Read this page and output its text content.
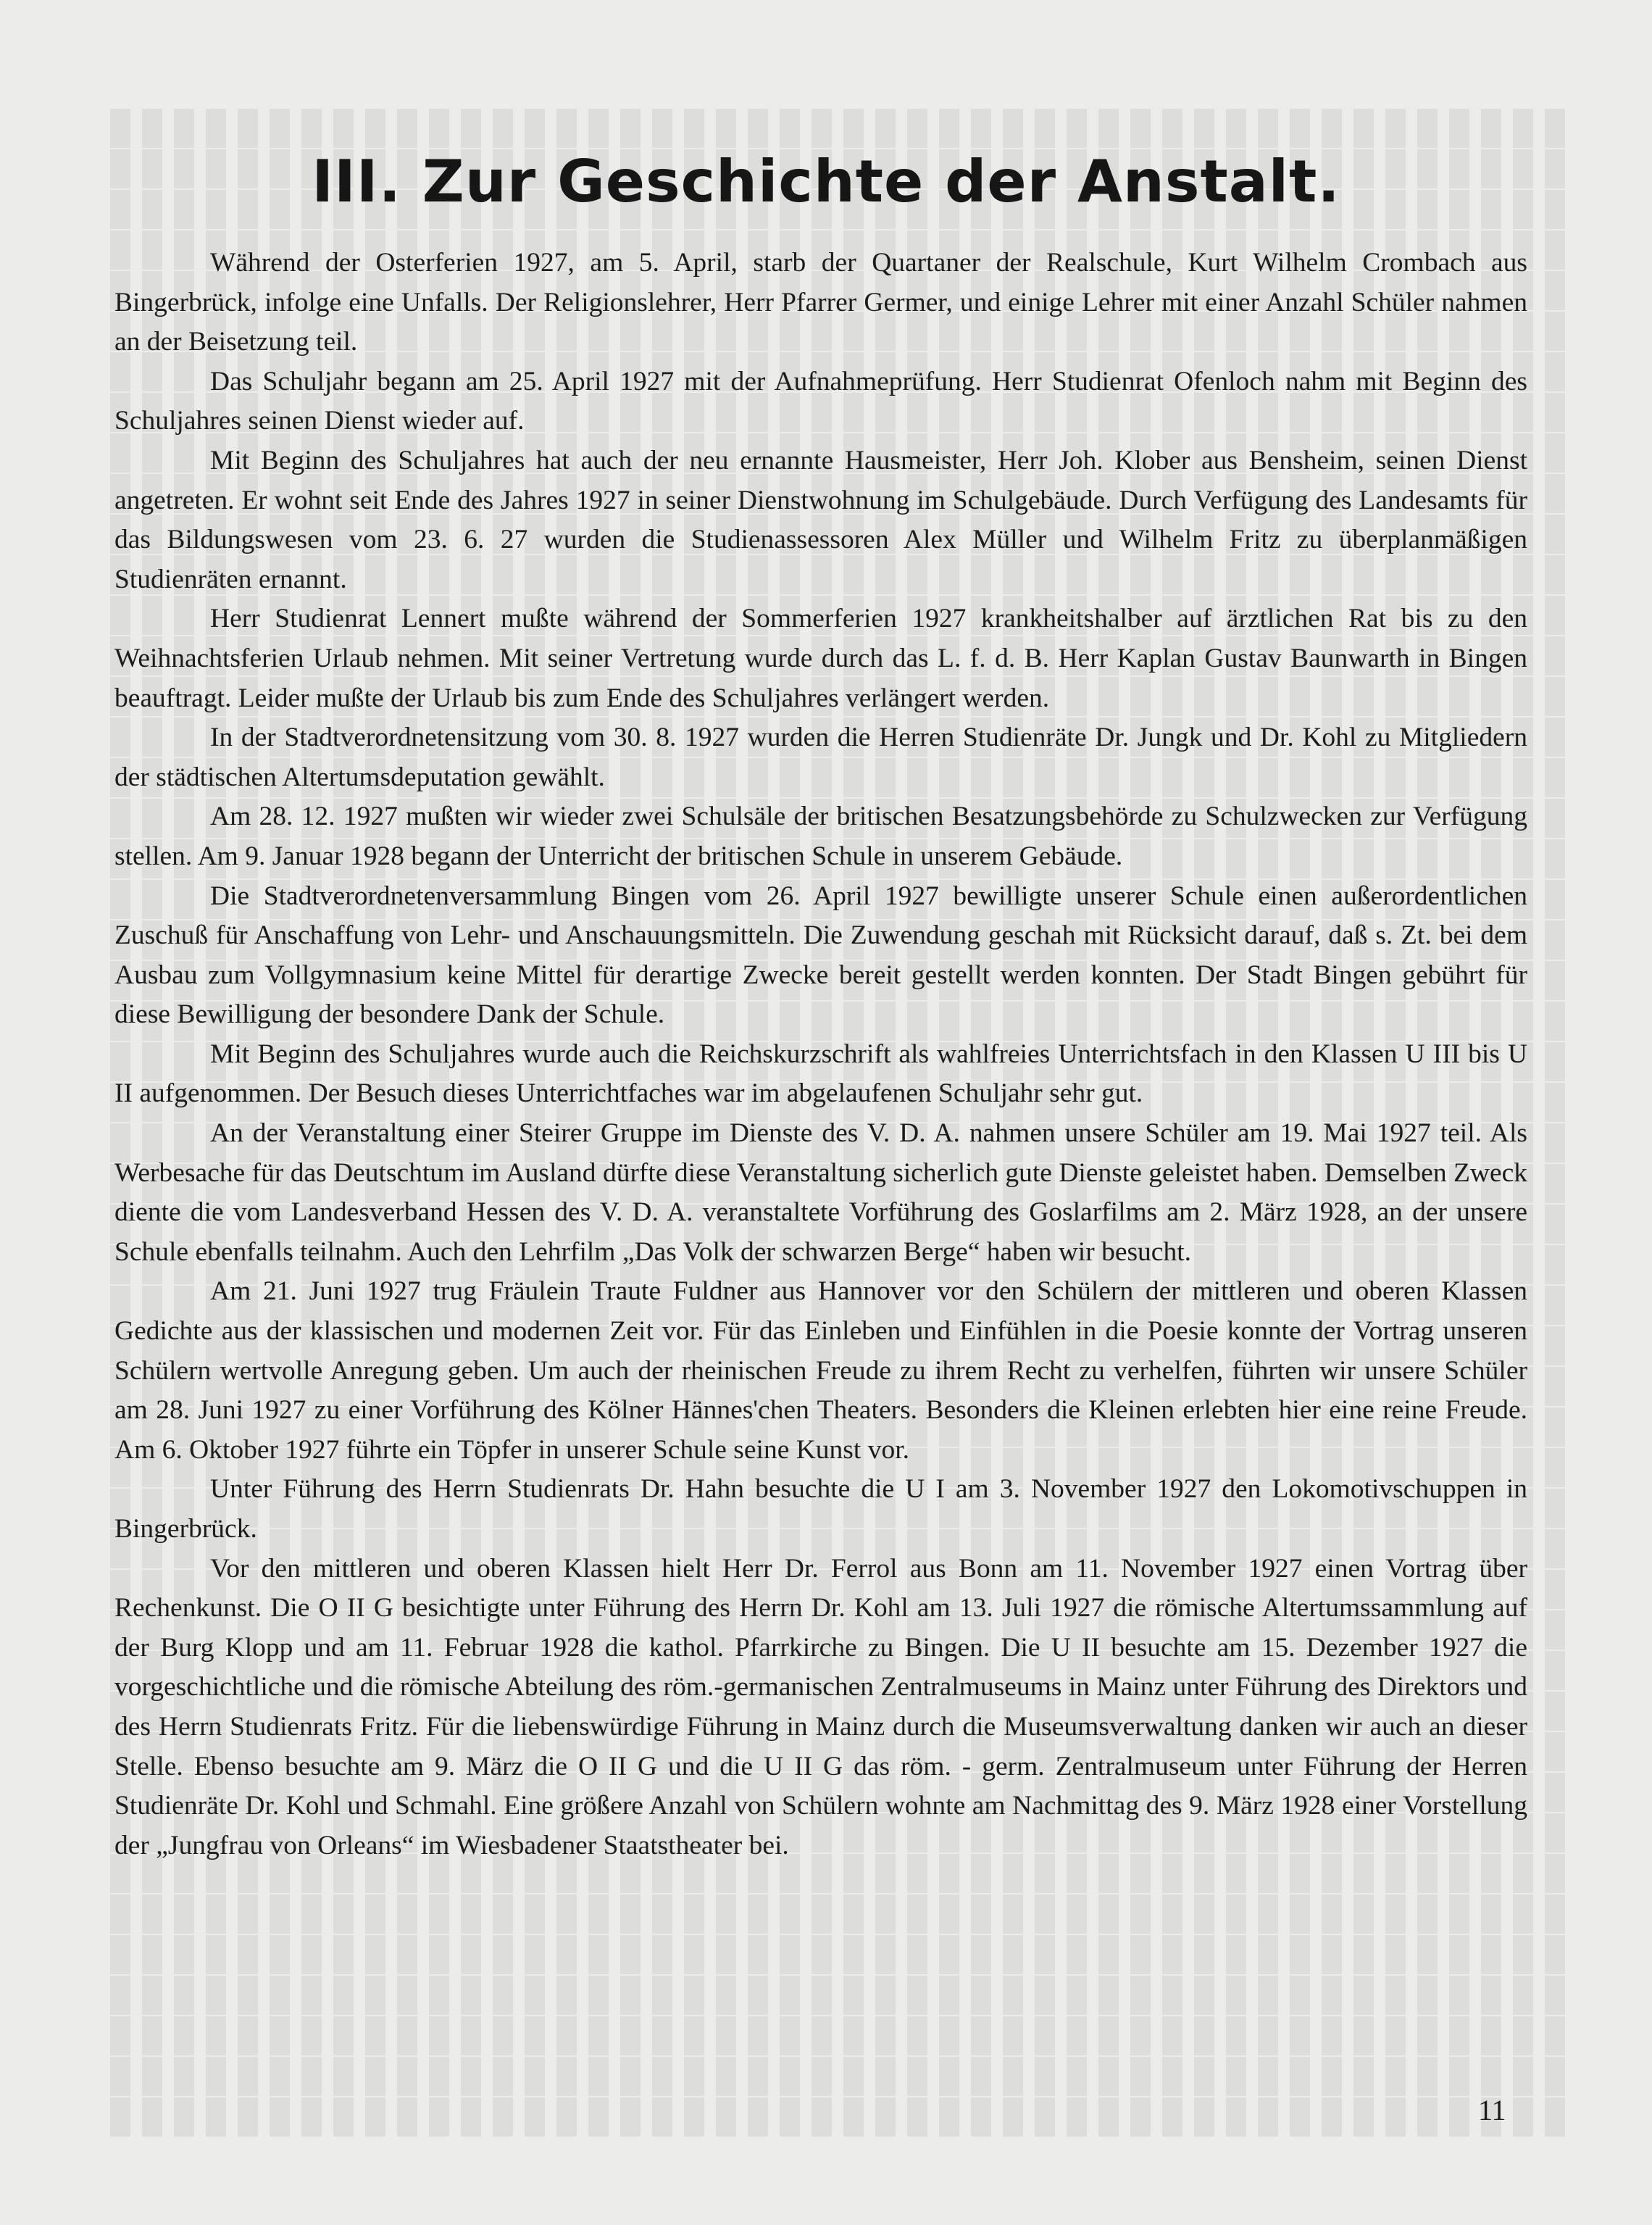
III. Zur Geschichte der Anstalt.

Während der Osterferien 1927, am 5. April, starb der Quartaner der Realschule, Kurt Wilhelm Crombach aus Bingerbrück, infolge eine Unfalls. Der Religionslehrer, Herr Pfarrer Germer, und einige Lehrer mit einer Anzahl Schüler nahmen an der Beisetzung teil.

Das Schuljahr begann am 25. April 1927 mit der Aufnahmeprüfung. Herr Studienrat Ofenloch nahm mit Beginn des Schuljahres seinen Dienst wieder auf.

Mit Beginn des Schuljahres hat auch der neu ernannte Hausmeister, Herr Joh. Klober aus Bensheim, seinen Dienst angetreten. Er wohnt seit Ende des Jahres 1927 in seiner Dienstwohnung im Schulgebäude. Durch Verfügung des Landesamts für das Bildungswesen vom 23. 6. 27 wurden die Studienassessoren Alex Müller und Wilhelm Fritz zu überplanmäßigen Studienräten ernannt.

Herr Studienrat Lennert mußte während der Sommerferien 1927 krankheitshalber auf ärztlichen Rat bis zu den Weihnachtsferien Urlaub nehmen. Mit seiner Vertretung wurde durch das L. f. d. B. Herr Kaplan Gustav Baunwarth in Bingen beauftragt. Leider mußte der Urlaub bis zum Ende des Schuljahres verlängert werden.

In der Stadtverordnetensitzung vom 30. 8. 1927 wurden die Herren Studienräte Dr. Jungk und Dr. Kohl zu Mitgliedern der städtischen Altertumsdeputation gewählt.

Am 28. 12. 1927 mußten wir wieder zwei Schulsäle der britischen Besatzungsbehörde zu Schulzwecken zur Verfügung stellen. Am 9. Januar 1928 begann der Unterricht der britischen Schule in unserem Gebäude.

Die Stadtverordnetenversammlung Bingen vom 26. April 1927 bewilligte unserer Schule einen außerordentlichen Zuschuß für Anschaffung von Lehr- und Anschauungsmitteln. Die Zuwendung geschah mit Rücksicht darauf, daß s. Zt. bei dem Ausbau zum Vollgymnasium keine Mittel für derartige Zwecke bereit gestellt werden konnten. Der Stadt Bingen gebührt für diese Bewilligung der besondere Dank der Schule.

Mit Beginn des Schuljahres wurde auch die Reichskurzschrift als wahlfreies Unterrichtsfach in den Klassen U III bis U II aufgenommen. Der Besuch dieses Unterrichtfaches war im abgelaufenen Schuljahr sehr gut.

An der Veranstaltung einer Steirer Gruppe im Dienste des V. D. A. nahmen unsere Schüler am 19. Mai 1927 teil. Als Werbesache für das Deutschtum im Ausland dürfte diese Veranstaltung sicherlich gute Dienste geleistet haben. Demselben Zweck diente die vom Landesverband Hessen des V. D. A. veranstaltete Vorführung des Goslarfilms am 2. März 1928, an der unsere Schule ebenfalls teilnahm. Auch den Lehrfilm „Das Volk der schwarzen Berge“ haben wir besucht.

Am 21. Juni 1927 trug Fräulein Traute Fuldner aus Hannover vor den Schülern der mittleren und oberen Klassen Gedichte aus der klassischen und modernen Zeit vor. Für das Einleben und Einfühlen in die Poesie konnte der Vortrag unseren Schülern wertvolle Anregung geben. Um auch der rheinischen Freude zu ihrem Recht zu verhelfen, führten wir unsere Schüler am 28. Juni 1927 zu einer Vorführung des Kölner Hännes'chen Theaters. Besonders die Kleinen erlebten hier eine reine Freude. Am 6. Oktober 1927 führte ein Töpfer in unserer Schule seine Kunst vor.

Unter Führung des Herrn Studienrats Dr. Hahn besuchte die U I am 3. November 1927 den Lokomotivschuppen in Bingerbrück.

Vor den mittleren und oberen Klassen hielt Herr Dr. Ferrol aus Bonn am 11. November 1927 einen Vortrag über Rechenkunst. Die O II G besichtigte unter Führung des Herrn Dr. Kohl am 13. Juli 1927 die römische Altertumssammlung auf der Burg Klopp und am 11. Februar 1928 die kathol. Pfarrkirche zu Bingen. Die U II besuchte am 15. Dezember 1927 die vorgeschichtliche und die römische Abteilung des röm.-germanischen Zentralmuseums in Mainz unter Führung des Direktors und des Herrn Studienrats Fritz. Für die liebenswürdige Führung in Mainz durch die Museumsverwaltung danken wir auch an dieser Stelle. Ebenso besuchte am 9. März die O II G und die U II G das röm. - germ. Zentralmuseum unter Führung der Herren Studienräte Dr. Kohl und Schmahl. Eine größere Anzahl von Schülern wohnte am Nachmittag des 9. März 1928 einer Vorstellung der „Jungfrau von Orleans“ im Wiesbadener Staatstheater bei.

11
